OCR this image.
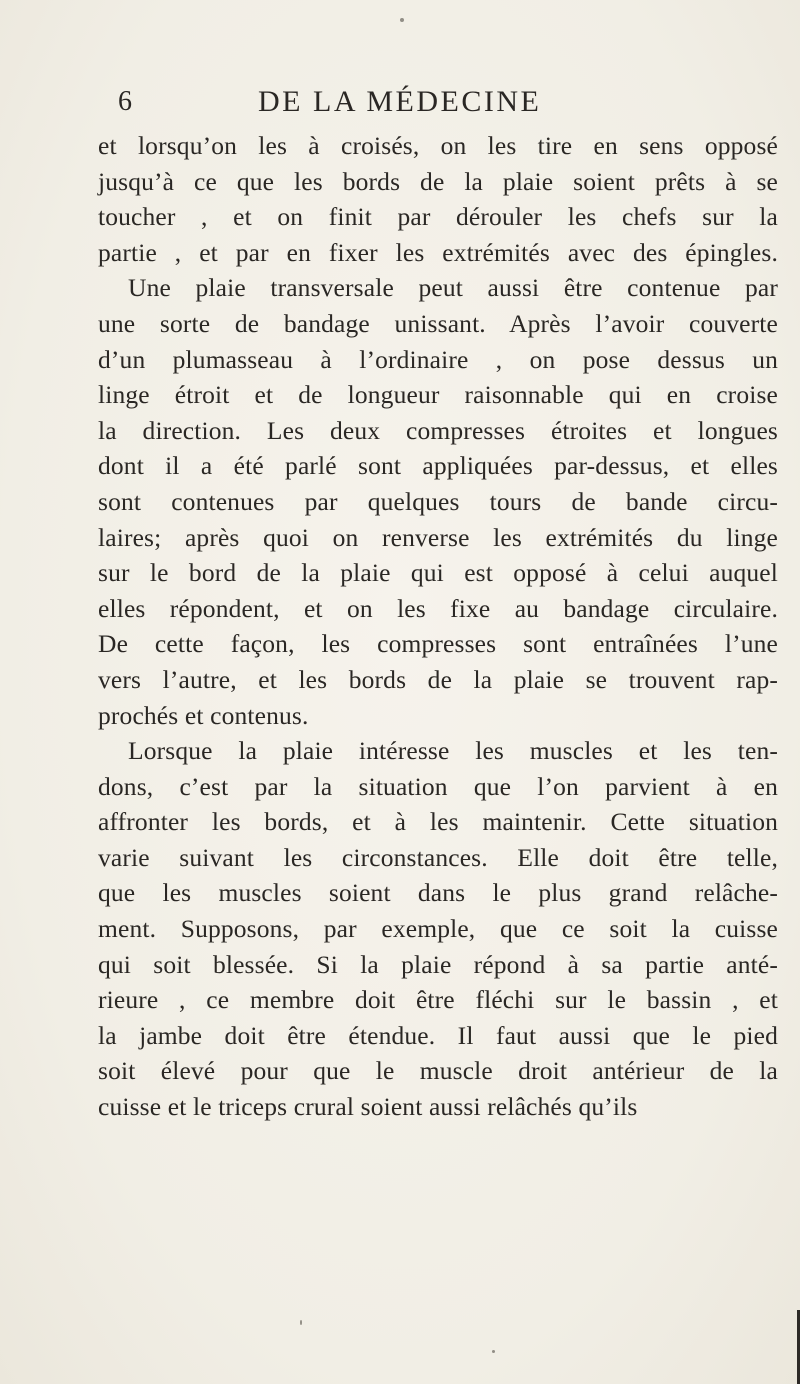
6	DE LA MÉDECINE
et lorsqu’on les à croisés, on les tire en sens opposé
jusqu’à ce que les bords de la plaie soient prêts à se
toucher , et on finit par dérouler les chefs sur la
partie , et par en fixer les extrémités avec des épingles.
Une plaie transversale peut aussi être contenue par
une sorte de bandage unissant. Après l’avoir couverte
d’un plumasseau à l’ordinaire , on pose dessus un
linge étroit et de longueur raisonnable qui en croise
la direction. Les deux compresses étroites et longues
dont il a été parlé sont appliquées par-dessus, et elles
sont contenues par quelques tours de bande circu-
laires; après quoi on renverse les extrémités du linge
sur le bord de la plaie qui est opposé à celui auquel
elles répondent, et on les fixe au bandage circulaire.
De cette façon, les compresses sont entraînées l’une
vers l’autre, et les bords de la plaie se trouvent rap-
prochés et contenus.
Lorsque la plaie intéresse les muscles et les ten-
dons, c’est par la situation que l’on parvient à en
affronter les bords, et à les maintenir. Cette situation
varie suivant les circonstances. Elle doit être telle,
que les muscles soient dans le plus grand relâche-
ment. Supposons, par exemple, que ce soit la cuisse
qui soit blessée. Si la plaie répond à sa partie anté-
rieure , ce membre doit être fléchi sur le bassin , et
la jambe doit être étendue. Il faut aussi que le pied
soit élevé pour que le muscle droit antérieur de la
cuisse et le triceps crural soient aussi relâchés qu’ils
